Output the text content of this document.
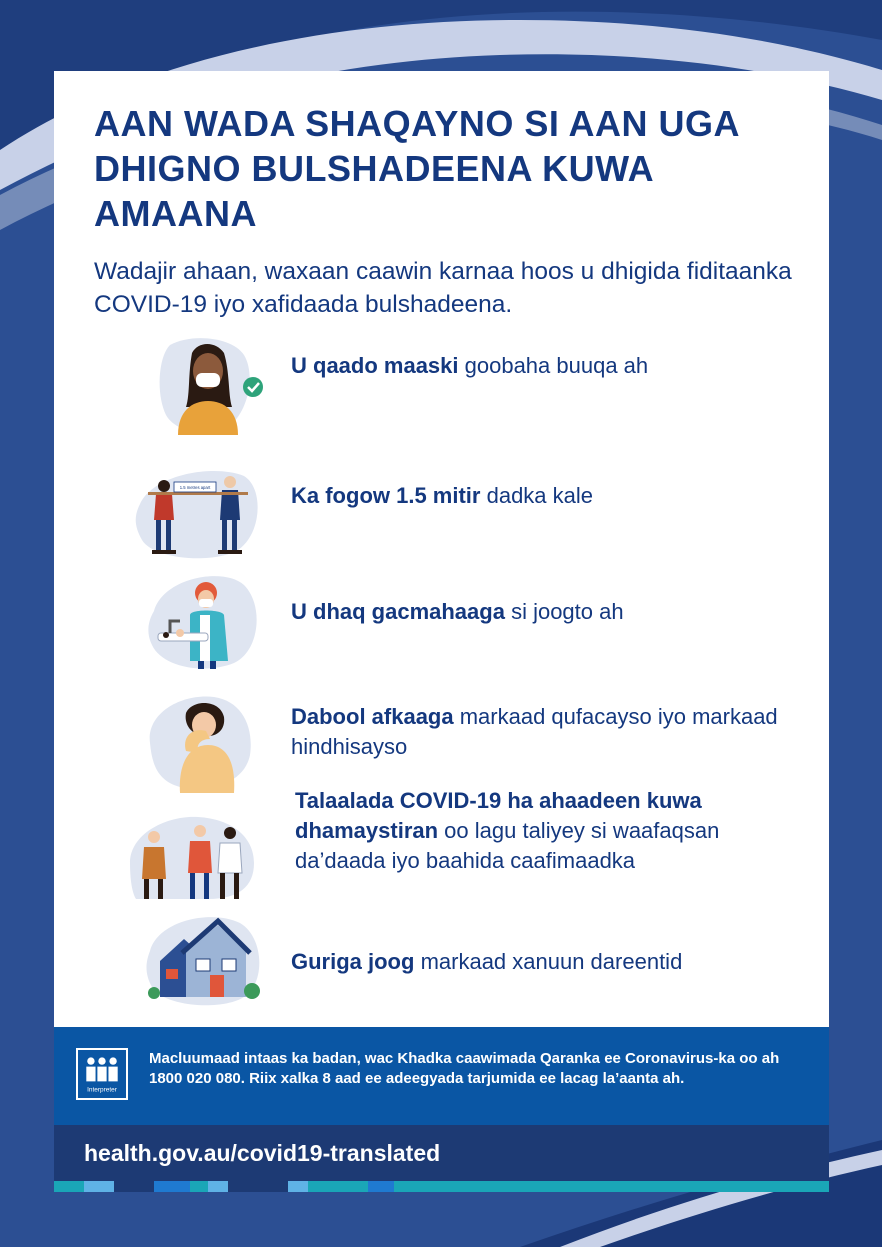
AAN WADA SHAQAYNO SI AAN UGA DHIGNO BULSHADEENA KUWA AMAANA

Wadajir ahaan, waxaan caawin karnaa hoos u dhigida fiditaanka COVID-19 iyo xafidaada bulshadeena.

U qaado maaski goobaha buuqa ah
1.5 metres apart	Ka fogow 1.5 mitir dadka kale
U dhaq gacmahaaga si joogto ah
Dabool afkaaga markaad qufacayso iyo markaad hindhisayso
Talaalada COVID-19 ha ahaadeen kuwa dhamaystiran oo lagu taliyey si waafaqsan da’daada iyo baahida caafimaadka
Guriga joog markaad xanuun dareentid
Interpreter
Macluumaad intaas ka badan, wac Khadka caawimada Qaranka ee Coronavirus-ka oo ah 1800 020 080. Riix xalka 8 aad ee adeegyada tarjumida ee lacag la’aanta ah.
health.gov.au/covid19-translated
